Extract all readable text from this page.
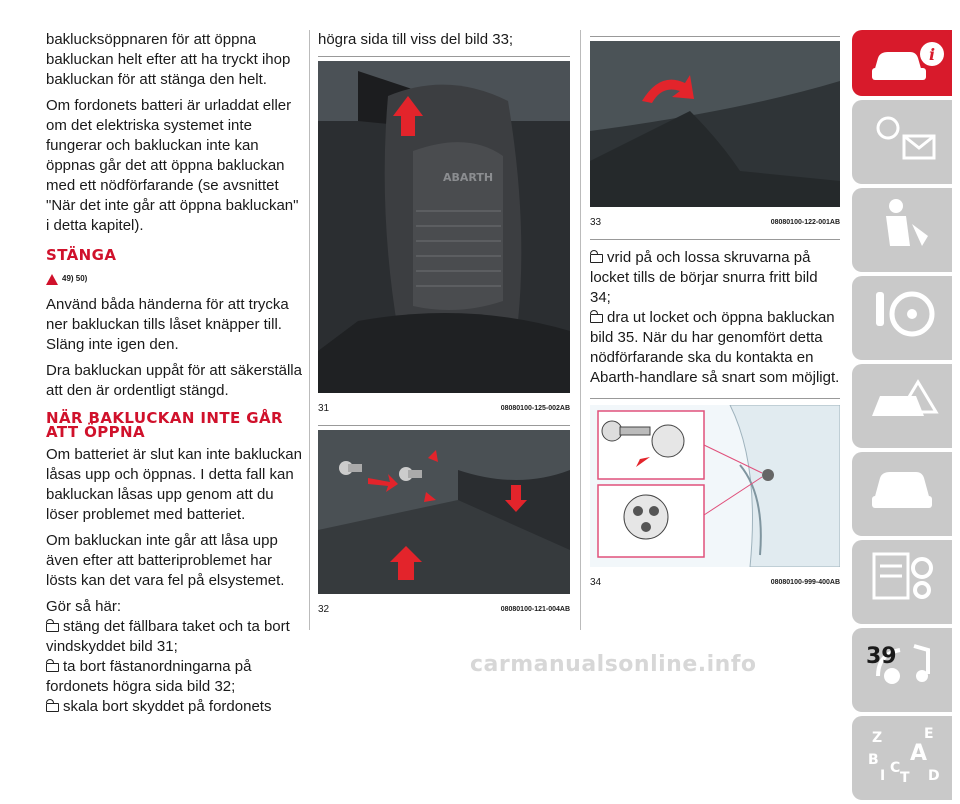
baklucksöppnaren för att öppna bakluckan helt efter att ha tryckt ihop bakluckan för att stänga den helt.

Om fordonets batteri är urladdat eller om det elektriska systemet inte fungerar och bakluckan inte kan öppnas går det att öppna bakluckan med ett nödförfarande (se avsnittet "När det inte går att öppna bakluckan" i detta kapitel).

STÄNGA
49) 50)

Använd båda händerna för att trycka ner bakluckan tills låset knäpper till. Släng inte igen den.

Dra bakluckan uppåt för att säkerställa att den är ordentligt stängd.

NÄR BAKLUCKAN INTE GÅR ATT ÖPPNA

Om batteriet är slut kan inte bakluckan låsas upp och öppnas. I detta fall kan bakluckan låsas upp genom att du löser problemet med batteriet.

Om bakluckan inte går att låsa upp även efter att batteriproblemet har lösts kan det vara fel på elsystemet.

Gör så här:

stäng det fällbara taket och ta bort vindskyddet bild 31;
ta bort fästanordningarna på fordonets högra sida bild 32;
skala bort skyddet på fordonets

högra sida till viss del bild 33;

ABARTH
31	08080100-125-002AB
32	08080100-121-004AB
33	08080100-122-001AB
vrid på och lossa skruvarna på locket tills de börjar snurra fritt bild 34;
dra ut locket och öppna bakluckan bild 35. När du har genomfört detta nödförfarande ska du kontakta en Abarth-handlare så snart som möjligt.
34	08080100-999-400AB
i
Z	E
B A
I C
T D
39
carmanualsonline.info
